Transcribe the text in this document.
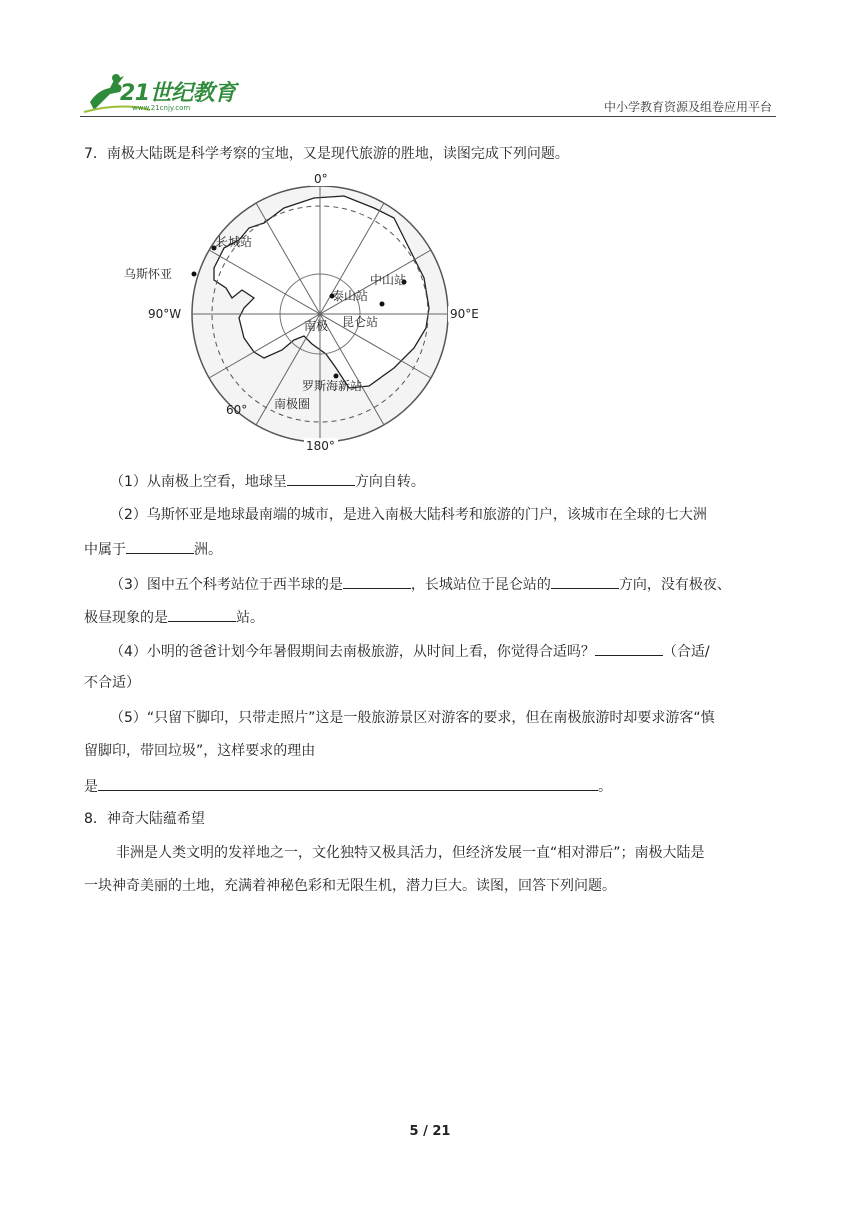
21世纪教育
www.21cnjy.com	中小学教育资源及组卷应用平台
7．南极大陆既是科学考察的宝地，又是现代旅游的胜地，读图完成下列问题。
0°
180°
90°W	90°E
60° 南极圈
南极
乌斯怀亚
长城站
中山站
泰山站
昆仑站
罗斯海新站
（1）从南极上空看，地球呈	方向自转。
（2）乌斯怀亚是地球最南端的城市，是进入南极大陆科考和旅游的门户，该城市在全球的七大洲
中属于	洲。
（3）图中五个科考站位于西半球的是	，长城站位于昆仑站的	方向，没有极夜、
极昼现象的是	站。
（4）小明的爸爸计划今年暑假期间去南极旅游，从时间上看，你觉得合适吗？	（合适/
不合适）
（5）“只留下脚印，只带走照片”这是一般旅游景区对游客的要求，但在南极旅游时却要求游客“慎
留脚印，带回垃圾”，这样要求的理由
是	。
8．神奇大陆蕴希望
非洲是人类文明的发祥地之一，文化独特又极具活力，但经济发展一直“相对滞后”；南极大陆是
一块神奇美丽的土地，充满着神秘色彩和无限生机，潜力巨大。读图，回答下列问题。
5 / 21
